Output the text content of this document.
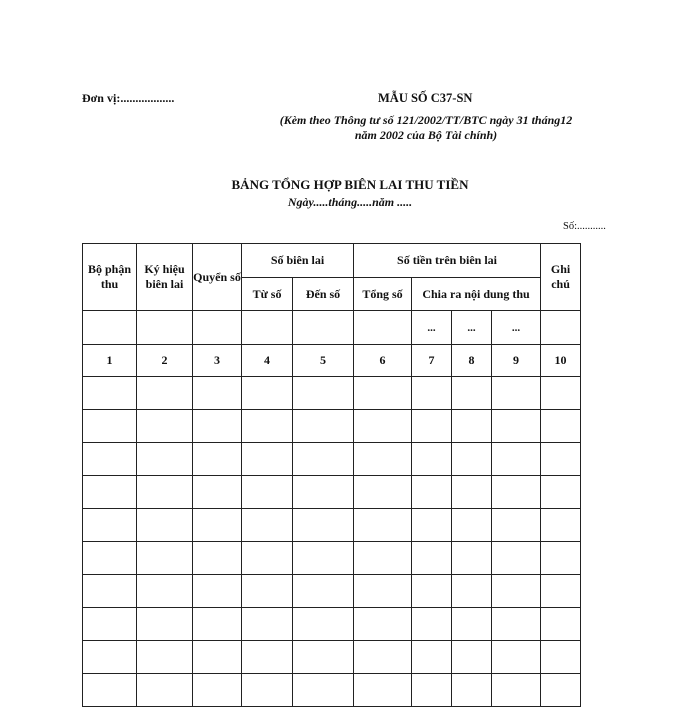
Đơn vị:..................	MẪU SỐ C37-SN
(Kèm theo Thông tư số 121/2002/TT/BTC ngày 31 tháng12 năm 2002 của Bộ Tài chính)
BẢNG TỔNG HỢP BIÊN LAI THU TIỀN
Ngày.....tháng.....năm .....
Số:...........
Bộ phận thu	Ký hiệu biên lai	Quyển số	Số biên lai		Số tiền trên biên lai				Ghi chú
			Từ số	Đến số	Tổng số	Chia ra nội dung thu			
						...	...	...	
1	2	3	4	5	6	7	8	9	10
